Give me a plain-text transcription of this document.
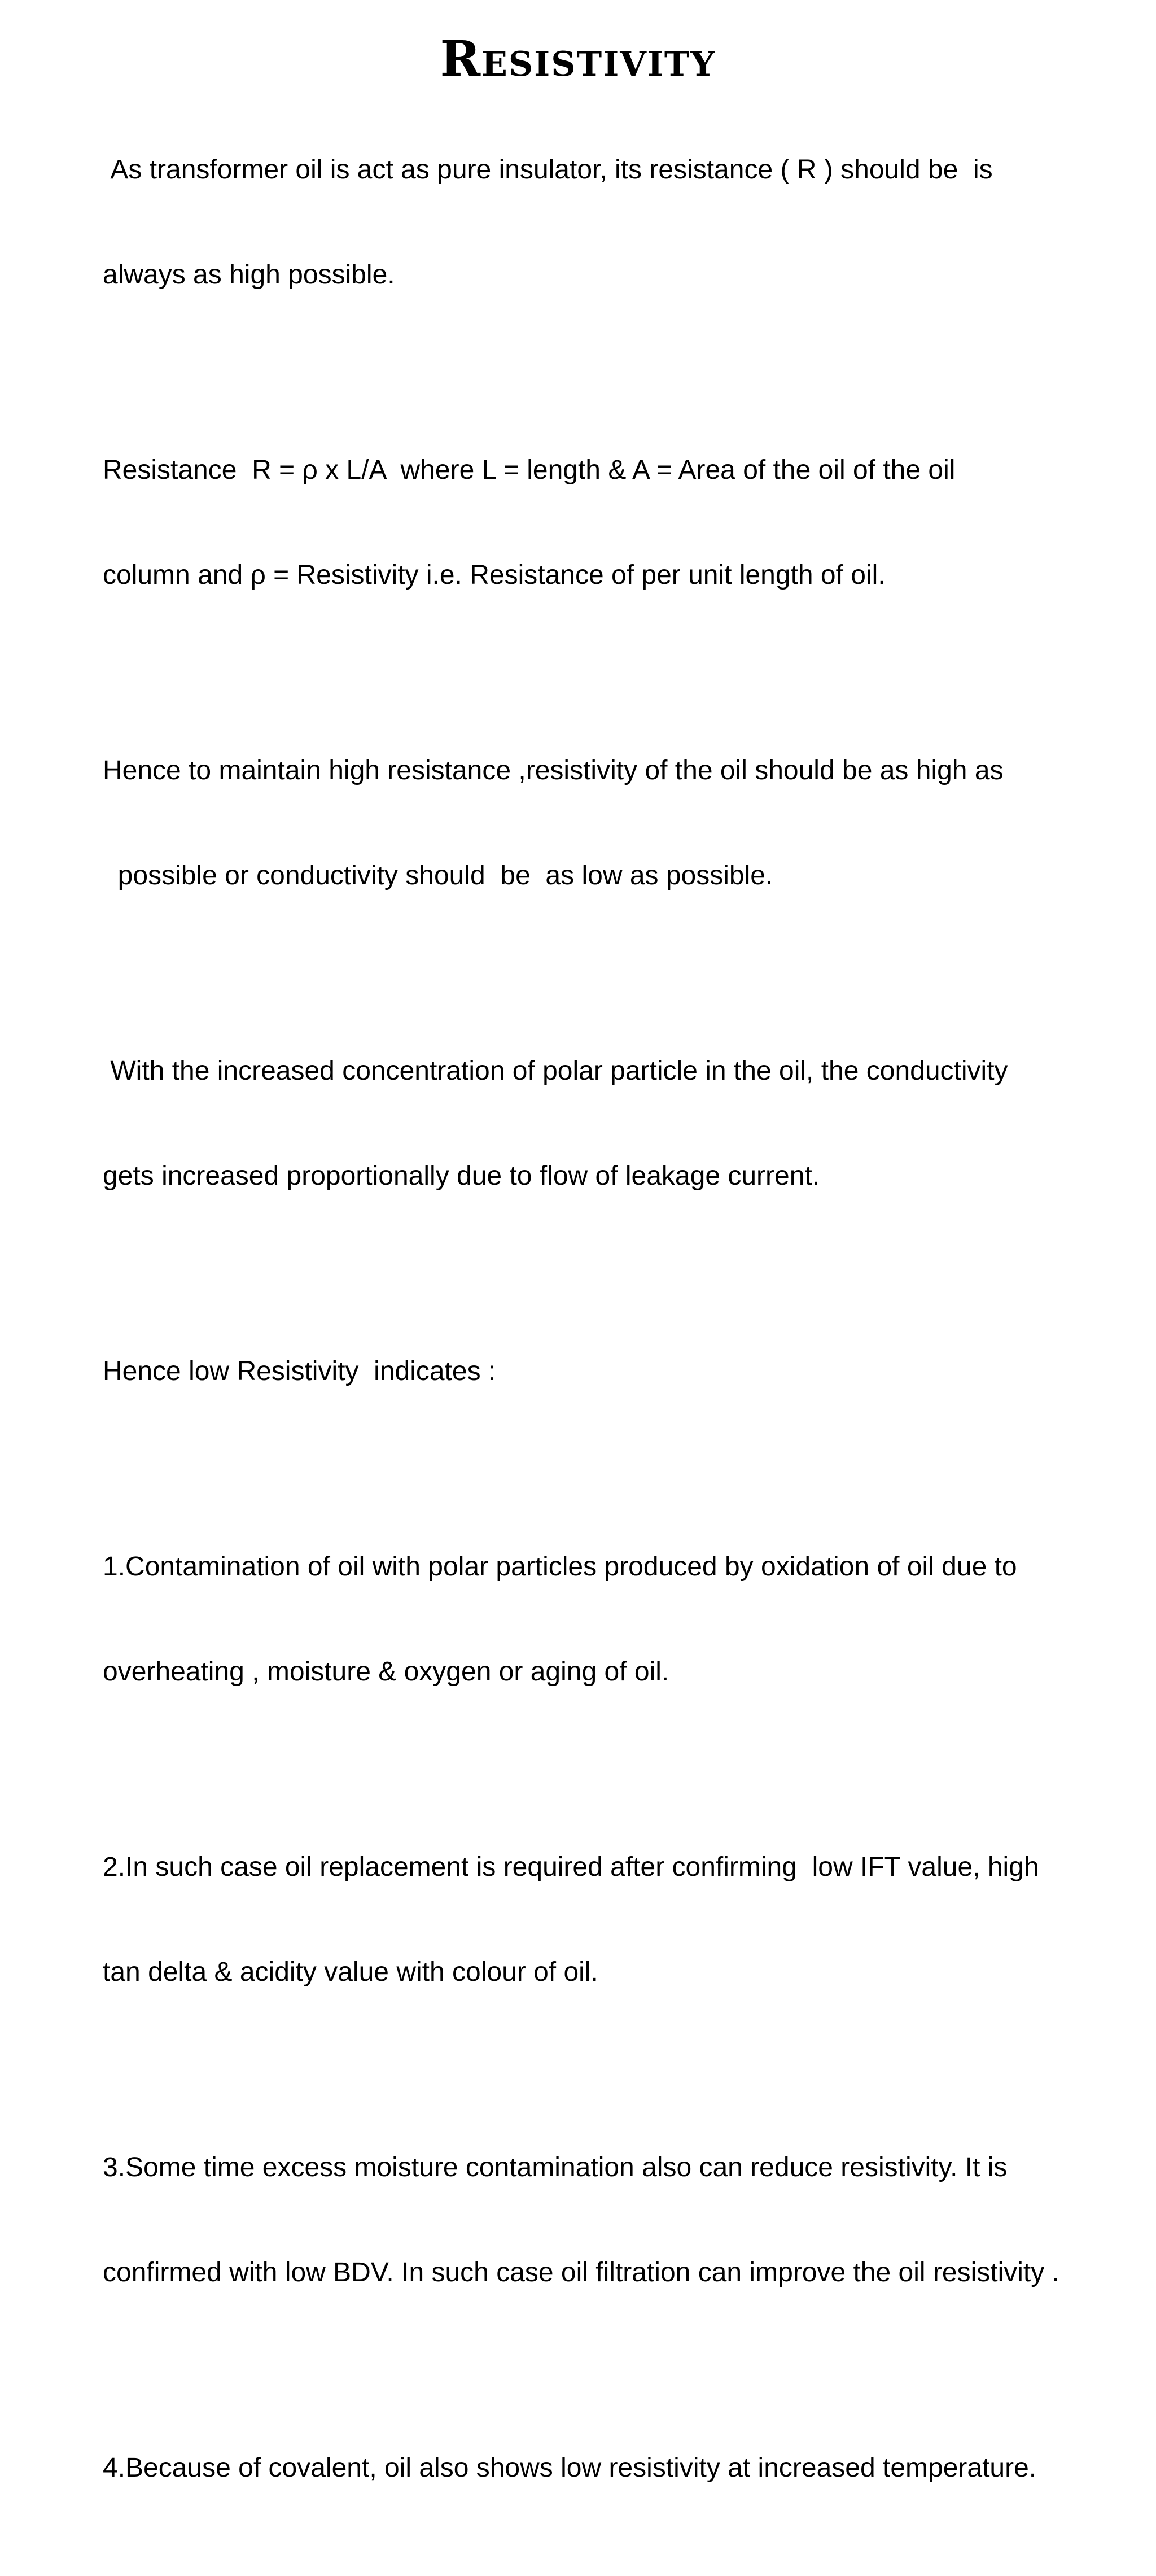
Resistivity

As transformer oil is act as pure insulator, its resistance ( R ) should be  is

always as high possible.

Resistance  R = ρ x L/A  where L = length & A = Area of the oil of the oil

column and ρ = Resistivity i.e. Resistance of per unit length of oil.

Hence to maintain high resistance ,resistivity of the oil should be as high as

possible or conductivity should  be  as low as possible.

With the increased concentration of polar particle in the oil, the conductivity

gets increased proportionally due to flow of leakage current.

Hence low Resistivity  indicates :

1.Contamination of oil with polar particles produced by oxidation of oil due to

overheating , moisture & oxygen or aging of oil.

2.In such case oil replacement is required after confirming  low IFT value, high

tan delta & acidity value with colour of oil.

3.Some time excess moisture contamination also can reduce resistivity. It is

confirmed with low BDV. In such case oil filtration can improve the oil resistivity .

4.Because of covalent, oil also shows low resistivity at increased temperature.
